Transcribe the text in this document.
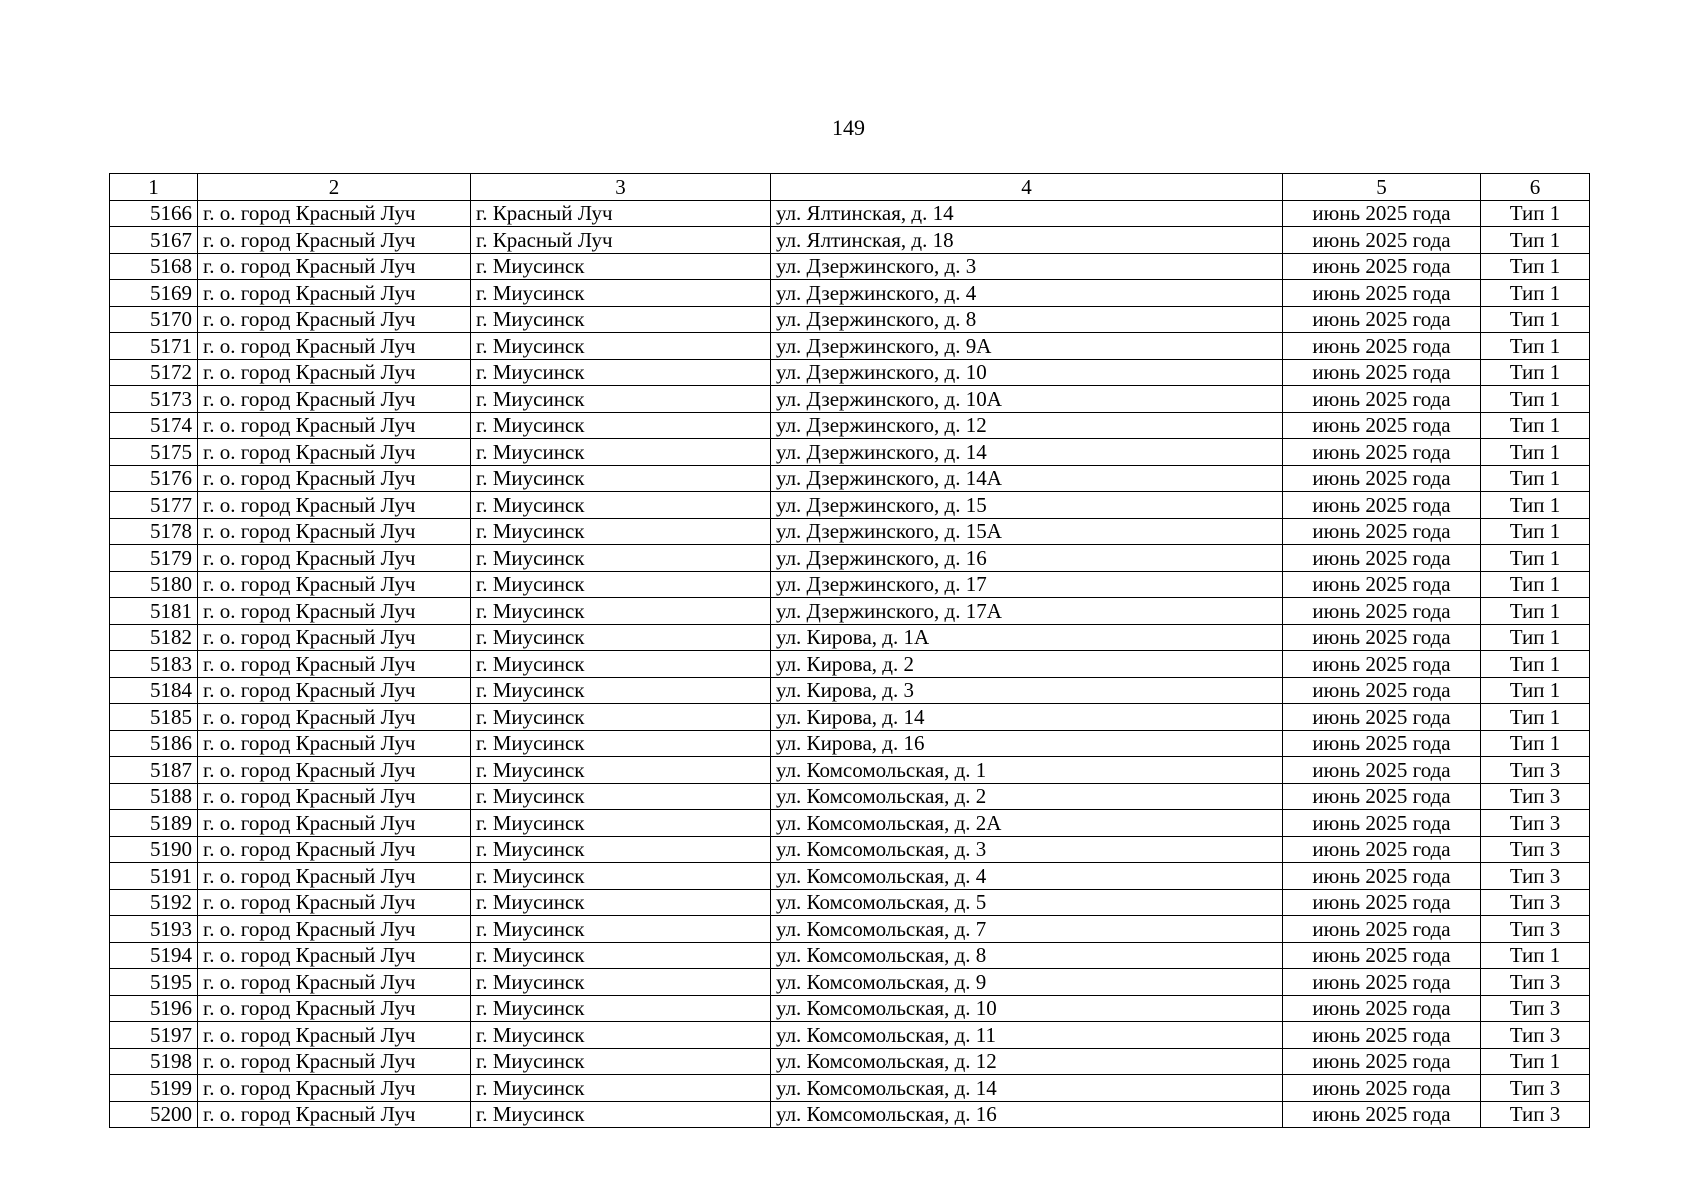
149
1	2	3	4	5	6
5166	г. о. город Красный Луч	г. Красный Луч	ул. Ялтинская, д. 14	июнь 2025 года	Тип 1
5167	г. о. город Красный Луч	г. Красный Луч	ул. Ялтинская, д. 18	июнь 2025 года	Тип 1
5168	г. о. город Красный Луч	г. Миусинск	ул. Дзержинского, д. 3	июнь 2025 года	Тип 1
5169	г. о. город Красный Луч	г. Миусинск	ул. Дзержинского, д. 4	июнь 2025 года	Тип 1
5170	г. о. город Красный Луч	г. Миусинск	ул. Дзержинского, д. 8	июнь 2025 года	Тип 1
5171	г. о. город Красный Луч	г. Миусинск	ул. Дзержинского, д. 9А	июнь 2025 года	Тип 1
5172	г. о. город Красный Луч	г. Миусинск	ул. Дзержинского, д. 10	июнь 2025 года	Тип 1
5173	г. о. город Красный Луч	г. Миусинск	ул. Дзержинского, д. 10А	июнь 2025 года	Тип 1
5174	г. о. город Красный Луч	г. Миусинск	ул. Дзержинского, д. 12	июнь 2025 года	Тип 1
5175	г. о. город Красный Луч	г. Миусинск	ул. Дзержинского, д. 14	июнь 2025 года	Тип 1
5176	г. о. город Красный Луч	г. Миусинск	ул. Дзержинского, д. 14А	июнь 2025 года	Тип 1
5177	г. о. город Красный Луч	г. Миусинск	ул. Дзержинского, д. 15	июнь 2025 года	Тип 1
5178	г. о. город Красный Луч	г. Миусинск	ул. Дзержинского, д. 15А	июнь 2025 года	Тип 1
5179	г. о. город Красный Луч	г. Миусинск	ул. Дзержинского, д. 16	июнь 2025 года	Тип 1
5180	г. о. город Красный Луч	г. Миусинск	ул. Дзержинского, д. 17	июнь 2025 года	Тип 1
5181	г. о. город Красный Луч	г. Миусинск	ул. Дзержинского, д. 17А	июнь 2025 года	Тип 1
5182	г. о. город Красный Луч	г. Миусинск	ул. Кирова, д. 1А	июнь 2025 года	Тип 1
5183	г. о. город Красный Луч	г. Миусинск	ул. Кирова, д. 2	июнь 2025 года	Тип 1
5184	г. о. город Красный Луч	г. Миусинск	ул. Кирова, д. 3	июнь 2025 года	Тип 1
5185	г. о. город Красный Луч	г. Миусинск	ул. Кирова, д. 14	июнь 2025 года	Тип 1
5186	г. о. город Красный Луч	г. Миусинск	ул. Кирова, д. 16	июнь 2025 года	Тип 1
5187	г. о. город Красный Луч	г. Миусинск	ул. Комсомольская, д. 1	июнь 2025 года	Тип 3
5188	г. о. город Красный Луч	г. Миусинск	ул. Комсомольская, д. 2	июнь 2025 года	Тип 3
5189	г. о. город Красный Луч	г. Миусинск	ул. Комсомольская, д. 2А	июнь 2025 года	Тип 3
5190	г. о. город Красный Луч	г. Миусинск	ул. Комсомольская, д. 3	июнь 2025 года	Тип 3
5191	г. о. город Красный Луч	г. Миусинск	ул. Комсомольская, д. 4	июнь 2025 года	Тип 3
5192	г. о. город Красный Луч	г. Миусинск	ул. Комсомольская, д. 5	июнь 2025 года	Тип 3
5193	г. о. город Красный Луч	г. Миусинск	ул. Комсомольская, д. 7	июнь 2025 года	Тип 3
5194	г. о. город Красный Луч	г. Миусинск	ул. Комсомольская, д. 8	июнь 2025 года	Тип 1
5195	г. о. город Красный Луч	г. Миусинск	ул. Комсомольская, д. 9	июнь 2025 года	Тип 3
5196	г. о. город Красный Луч	г. Миусинск	ул. Комсомольская, д. 10	июнь 2025 года	Тип 3
5197	г. о. город Красный Луч	г. Миусинск	ул. Комсомольская, д. 11	июнь 2025 года	Тип 3
5198	г. о. город Красный Луч	г. Миусинск	ул. Комсомольская, д. 12	июнь 2025 года	Тип 1
5199	г. о. город Красный Луч	г. Миусинск	ул. Комсомольская, д. 14	июнь 2025 года	Тип 3
5200	г. о. город Красный Луч	г. Миусинск	ул. Комсомольская, д. 16	июнь 2025 года	Тип 3
